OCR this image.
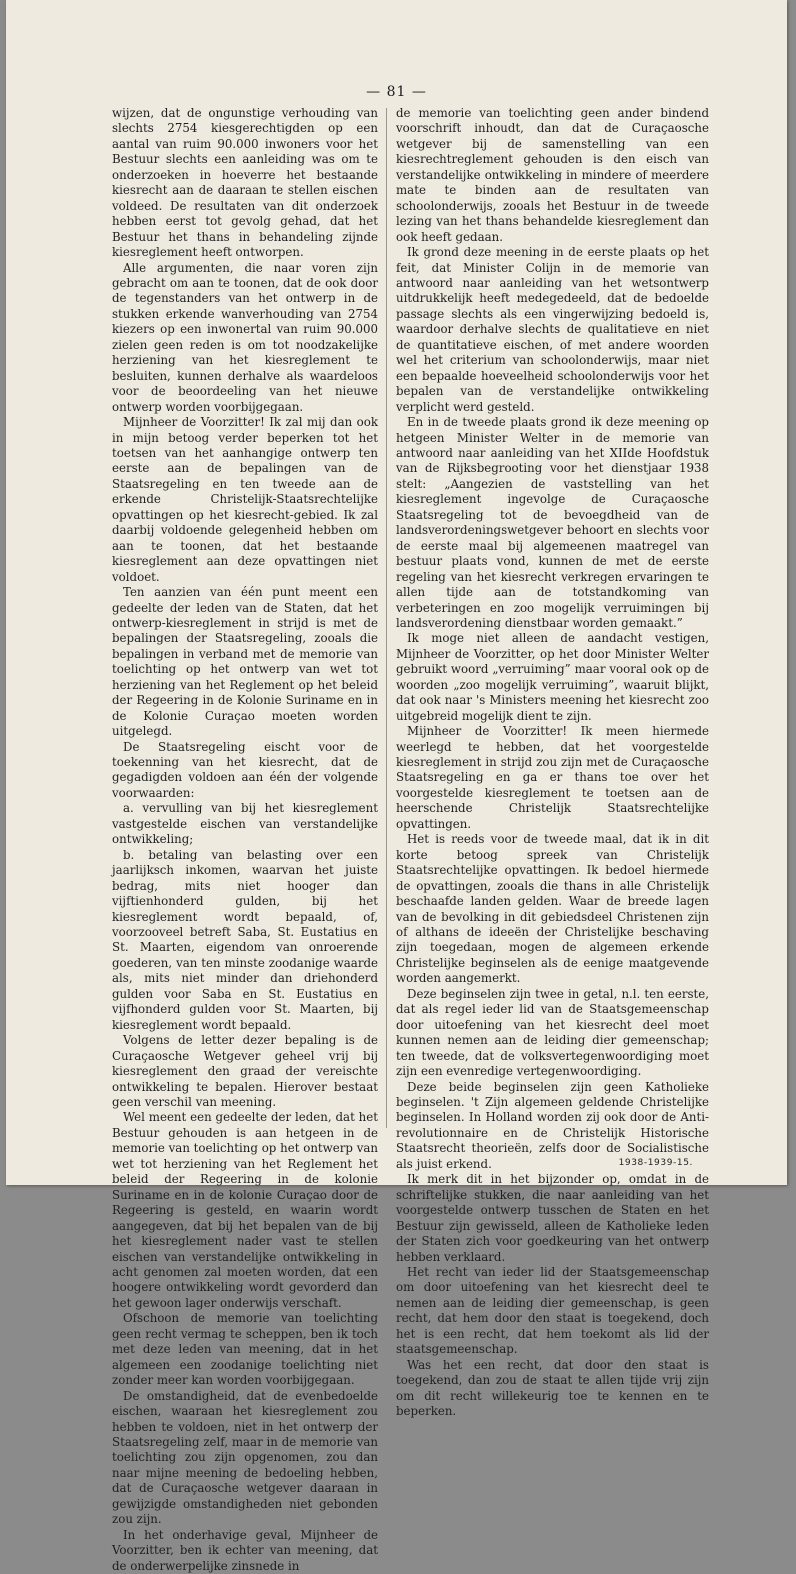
— 81 —

wijzen, dat de ongunstige verhouding van slechts 2754 kiesgerechtigden op een aantal van ruim 90.000 inwoners voor het Bestuur slechts een aanleiding was om te onderzoeken in hoeverre het bestaande kiesrecht aan de daaraan te stellen eischen voldeed. De resultaten van dit onderzoek hebben eerst tot gevolg gehad, dat het Bestuur het thans in behandeling zijnde kiesreglement heeft ontworpen.

Alle argumenten, die naar voren zijn gebracht om aan te toonen, dat de ook door de tegenstanders van het ontwerp in de stukken erkende wanverhouding van 2754 kiezers op een inwonertal van ruim 90.000 zielen geen reden is om tot noodzakelijke herziening van het kiesreglement te besluiten, kunnen derhalve als waardeloos voor de beoordeeling van het nieuwe ontwerp worden voorbijgegaan.

Mijnheer de Voorzitter! Ik zal mij dan ook in mijn betoog verder beperken tot het toetsen van het aanhangige ontwerp ten eerste aan de bepalingen van de Staatsregeling en ten tweede aan de erkende Christelijk-Staatsrechtelijke opvattingen op het kiesrecht-gebied. Ik zal daarbij voldoende gelegenheid hebben om aan te toonen, dat het bestaande kiesreglement aan deze opvattingen niet voldoet.

Ten aanzien van één punt meent een gedeelte der leden van de Staten, dat het ontwerp-kiesreglement in strijd is met de bepalingen der Staatsregeling, zooals die bepalingen in verband met de memorie van toelichting op het ontwerp van wet tot herziening van het Reglement op het beleid der Regeering in de Kolonie Suriname en in de Kolonie Curaçao moeten worden uitgelegd.

De Staatsregeling eischt voor de toekenning van het kiesrecht, dat de gegadigden voldoen aan één der volgende voorwaarden:

a. vervulling van bij het kiesreglement vastgestelde eischen van verstandelijke ontwikkeling;

b. betaling van belasting over een jaarlijksch inkomen, waarvan het juiste bedrag, mits niet hooger dan vijftienhonderd gulden, bij het kiesreglement wordt bepaald, of, voorzooveel betreft Saba, St. Eustatius en St. Maarten, eigendom van onroerende goederen, van ten minste zoodanige waarde als, mits niet minder dan driehonderd gulden voor Saba en St. Eustatius en vijfhonderd gulden voor St. Maarten, bij kiesreglement wordt bepaald.

Volgens de letter dezer bepaling is de Curaçaosche Wetgever geheel vrij bij kiesreglement den graad der vereischte ontwikkeling te bepalen. Hierover bestaat geen verschil van meening.

Wel meent een gedeelte der leden, dat het Bestuur gehouden is aan hetgeen in de memorie van toelichting op het ontwerp van wet tot herziening van het Reglement het beleid der Regeering in de kolonie Suriname en in de kolonie Curaçao door de Regeering is gesteld, en waarin wordt aangegeven, dat bij het bepalen van de bij het kiesreglement nader vast te stellen eischen van verstandelijke ontwikkeling in acht genomen zal moeten worden, dat een hoogere ontwikkeling wordt gevorderd dan het gewoon lager onderwijs verschaft.

Ofschoon de memorie van toelichting geen recht vermag te scheppen, ben ik toch met deze leden van meening, dat in het algemeen een zoodanige toelichting niet zonder meer kan worden voorbijgegaan.

De omstandigheid, dat de evenbedoelde eischen, waaraan het kiesreglement zou hebben te voldoen, niet in het ontwerp der Staatsregeling zelf, maar in de memorie van toelichting zou zijn opgenomen, zou dan naar mijne meening de bedoeling hebben, dat de Curaçaosche wetgever daaraan in gewijzigde omstandigheden niet gebonden zou zijn.

In het onderhavige geval, Mijnheer de Voorzitter, ben ik echter van meening, dat de onderwerpelijke zinsnede in

de memorie van toelichting geen ander bindend voorschrift inhoudt, dan dat de Curaçaosche wetgever bij de samenstelling van een kiesrechtreglement gehouden is den eisch van verstandelijke ontwikkeling in mindere of meerdere mate te binden aan de resultaten van schoolonderwijs, zooals het Bestuur in de tweede lezing van het thans behandelde kiesreglement dan ook heeft gedaan.

Ik grond deze meening in de eerste plaats op het feit, dat Minister Colijn in de memorie van antwoord naar aanleiding van het wetsontwerp uitdrukkelijk heeft medegedeeld, dat de bedoelde passage slechts als een vingerwijzing bedoeld is, waardoor derhalve slechts de qualitatieve en niet de quantitatieve eischen, of met andere woorden wel het criterium van schoolonderwijs, maar niet een bepaalde hoeveelheid schoolonderwijs voor het bepalen van de verstandelijke ontwikkeling verplicht werd gesteld.

En in de tweede plaats grond ik deze meening op hetgeen Minister Welter in de memorie van antwoord naar aanleiding van het XIIde Hoofdstuk van de Rijksbegrooting voor het dienstjaar 1938 stelt: „Aangezien de vaststelling van het kiesreglement ingevolge de Curaçaosche Staatsregeling tot de bevoegdheid van de landsverordeningswetgever behoort en slechts voor de eerste maal bij algemeenen maatregel van bestuur plaats vond, kunnen de met de eerste regeling van het kiesrecht verkregen ervaringen te allen tijde aan de totstandkoming van verbeteringen en zoo mogelijk verruimingen bij landsverordening dienstbaar worden gemaakt.”

Ik moge niet alleen de aandacht vestigen, Mijnheer de Voorzitter, op het door Minister Welter gebruikt woord „verruiming” maar vooral ook op de woorden „zoo mogelijk verruiming”, waaruit blijkt, dat ook naar 's Ministers meening het kiesrecht zoo uitgebreid mogelijk dient te zijn.

Mijnheer de Voorzitter! Ik meen hiermede weerlegd te hebben, dat het voorgestelde kiesreglement in strijd zou zijn met de Curaçaosche Staatsregeling en ga er thans toe over het voorgestelde kiesreglement te toetsen aan de heerschende Christelijk Staatsrechtelijke opvattingen.

Het is reeds voor de tweede maal, dat ik in dit korte betoog spreek van Christelijk Staatsrechtelijke opvattingen. Ik bedoel hiermede de opvattingen, zooals die thans in alle Christelijk beschaafde landen gelden. Waar de breede lagen van de bevolking in dit gebiedsdeel Christenen zijn of althans de ideeën der Christelijke beschaving zijn toegedaan, mogen de algemeen erkende Christelijke beginselen als de eenige maatgevende worden aangemerkt.

Deze beginselen zijn twee in getal, n.l. ten eerste, dat als regel ieder lid van de Staatsgemeenschap door uitoefening van het kiesrecht deel moet kunnen nemen aan de leiding dier gemeenschap; ten tweede, dat de volksvertegenwoordiging moet zijn een evenredige vertegenwoordiging.

Deze beide beginselen zijn geen Katholieke beginselen. 't Zijn algemeen geldende Christelijke beginselen. In Holland worden zij ook door de Anti-revolutionnaire en de Christelijk Historische Staatsrecht theorieën, zelfs door de Socialistische als juist erkend.

Ik merk dit in het bijzonder op, omdat in de schriftelijke stukken, die naar aanleiding van het voorgestelde ontwerp tusschen de Staten en het Bestuur zijn gewisseld, alleen de Katholieke leden der Staten zich voor goedkeuring van het ontwerp hebben verklaard.

Het recht van ieder lid der Staatsgemeenschap om door uitoefening van het kiesrecht deel te nemen aan de leiding dier gemeenschap, is geen recht, dat hem door den staat is toegekend, doch het is een recht, dat hem toekomt als lid der staatsgemeenschap.

Was het een recht, dat door den staat is toegekend, dan zou de staat te allen tijde vrij zijn om dit recht willekeurig toe te kennen en te beperken.

1938-1939-15.
